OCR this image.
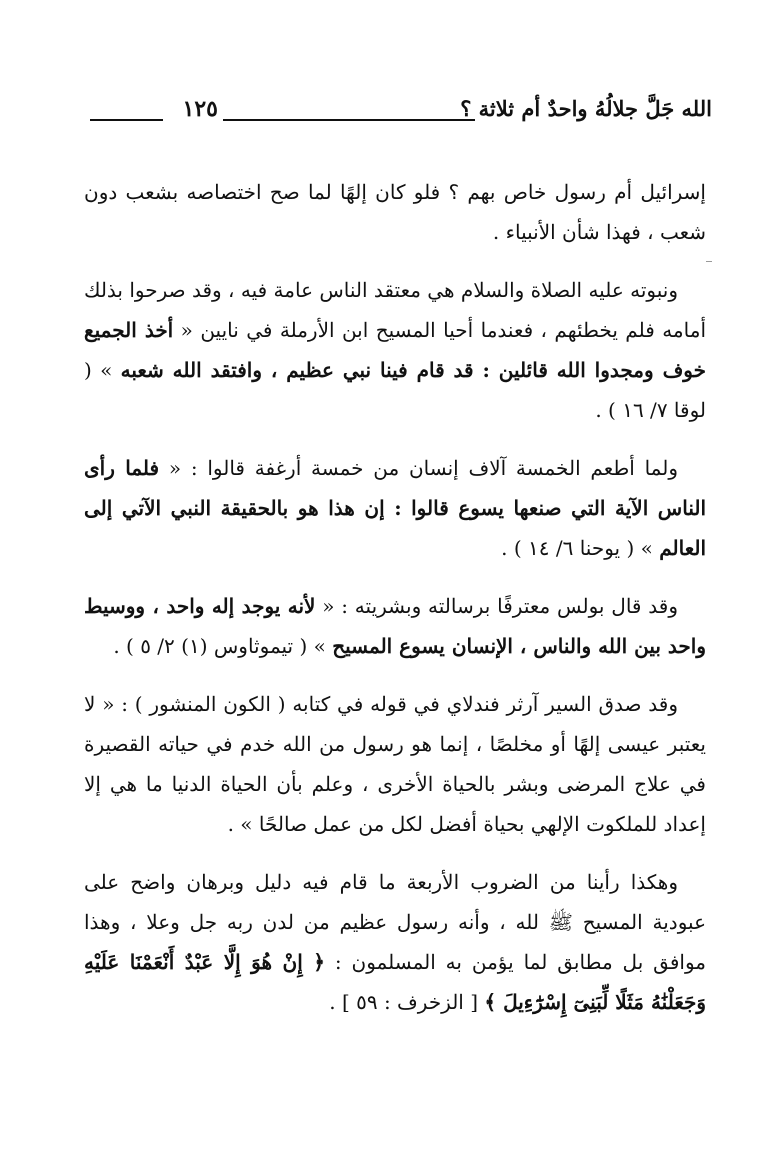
الله جَلَّ جلالُهُ واحدٌ أم ثلاثة ؟
١٢٥

إسرائيل أم رسول خاص بهم ؟ فلو كان إلهًا لما صح اختصاصه بشعب دون شعب ، فهذا شأن الأنبياء .

ونبوته عليه الصلاة والسلام هي معتقد الناس عامة فيه ، وقد صرحوا بذلك أمامه فلم يخطئهم ، فعندما أحيا المسيح ابن الأرملة في نايين « أخذ الجميع خوف ومجدوا الله قائلين : قد قام فينا نبي عظيم ، وافتقد الله شعبه » ( لوقا ٧/ ١٦ ) .

ولما أطعم الخمسة آلاف إنسان من خمسة أرغفة قالوا : « فلما رأى الناس الآية التي صنعها يسوع قالوا : إن هذا هو بالحقيقة النبي الآتي إلى العالم » ( يوحنا ٦/ ١٤ ) .

وقد قال بولس معترفًا برسالته وبشريته : « لأنه يوجد إله واحد ، ووسيط واحد بين الله والناس ، الإنسان يسوع المسيح » ( تيموثاوس (١) ٢/ ٥ ) .

وقد صدق السير آرثر فندلاي في قوله في كتابه ( الكون المنشور ) : « لا يعتبر عيسى إلهًا أو مخلصًا ، إنما هو رسول من الله خدم في حياته القصيرة في علاج المرضى وبشر بالحياة الأخرى ، وعلم بأن الحياة الدنيا ما هي إلا إعداد للملكوت الإلهي بحياة أفضل لكل من عمل صالحًا » .

وهكذا رأينا من الضروب الأربعة ما قام فيه دليل وبرهان واضح على عبودية المسيح ﷺ لله ، وأنه رسول عظيم من لدن ربه جل وعلا ، وهذا موافق بل مطابق لما يؤمن به المسلمون : ﴿ إِنْ هُوَ إِلَّا عَبْدٌ أَنْعَمْنَا عَلَيْهِ وَجَعَلْنَٰهُ مَثَلًا لِّبَنِىٓ إِسْرَٰٓءِيلَ ﴾ [ الزخرف : ٥٩ ] .
